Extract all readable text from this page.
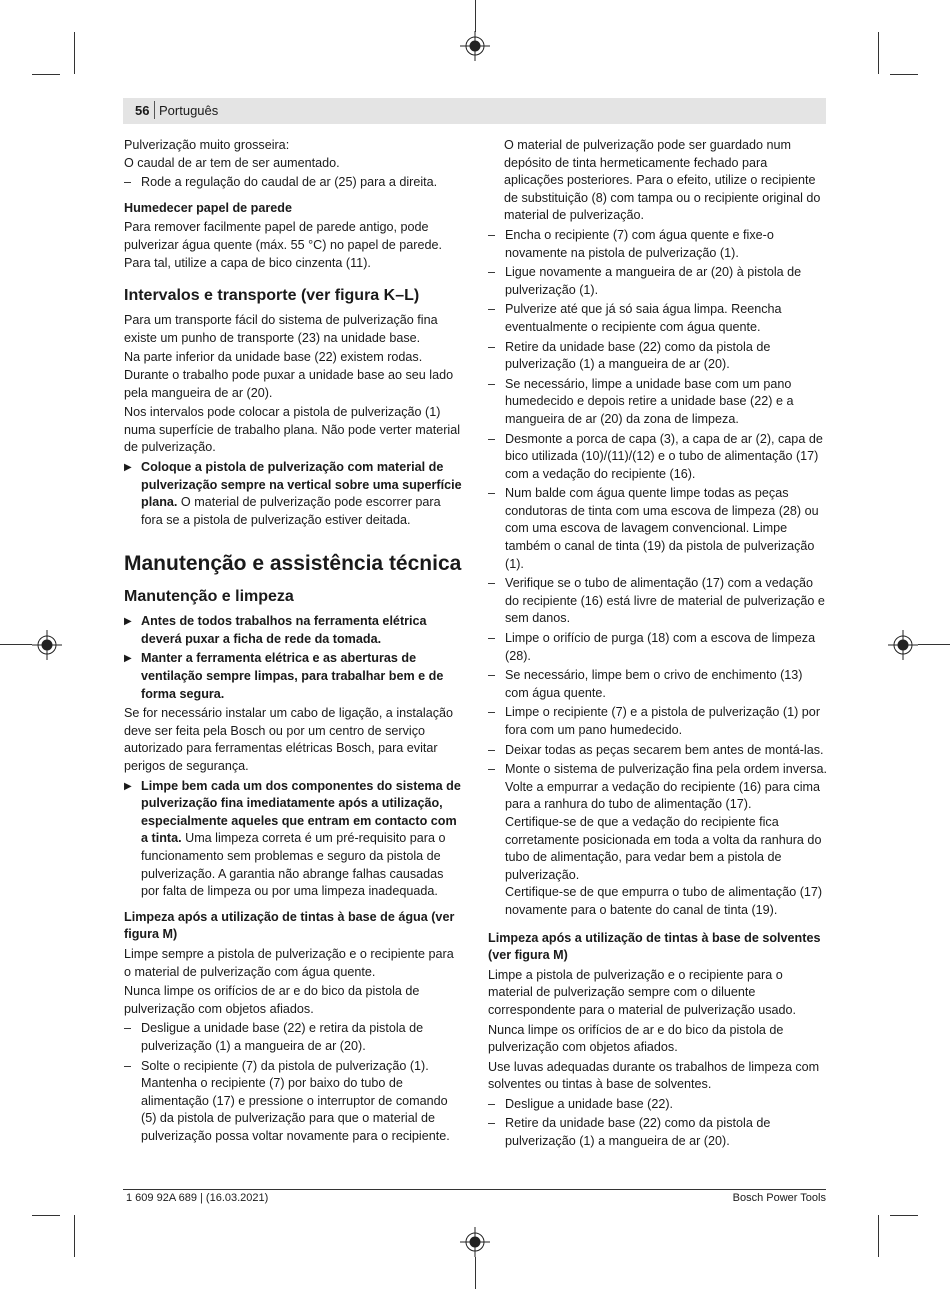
56 Português

Pulverização muito grosseira:

O caudal de ar tem de ser aumentado.

– Rode a regulação do caudal de ar (25) para a direita.

Humedecer papel de parede

Para remover facilmente papel de parede antigo, pode pulverizar água quente (máx. 55 °C) no papel de parede. Para tal, utilize a capa de bico cinzenta (11).

Intervalos e transporte (ver figura K–L)

Para um transporte fácil do sistema de pulverização fina existe um punho de transporte (23) na unidade base.

Na parte inferior da unidade base (22) existem rodas. Durante o trabalho pode puxar a unidade base ao seu lado pela mangueira de ar (20).

Nos intervalos pode colocar a pistola de pulverização (1) numa superfície de trabalho plana. Não pode verter material de pulverização.

▶ Coloque a pistola de pulverização com material de pulverização sempre na vertical sobre uma superfície plana. O material de pulverização pode escorrer para fora se a pistola de pulverização estiver deitada.

Manutenção e assistência técnica
Manutenção e limpeza

▶ Antes de todos trabalhos na ferramenta elétrica deverá puxar a ficha de rede da tomada.

▶ Manter a ferramenta elétrica e as aberturas de ventilação sempre limpas, para trabalhar bem e de forma segura.

Se for necessário instalar um cabo de ligação, a instalação deve ser feita pela Bosch ou por um centro de serviço autorizado para ferramentas elétricas Bosch, para evitar perigos de segurança.

▶ Limpe bem cada um dos componentes do sistema de pulverização fina imediatamente após a utilização, especialmente aqueles que entram em contacto com a tinta. Uma limpeza correta é um pré-requisito para o funcionamento sem problemas e seguro da pistola de pulverização. A garantia não abrange falhas causadas por falta de limpeza ou por uma limpeza inadequada.

Limpeza após a utilização de tintas à base de água (ver figura M)

Limpe sempre a pistola de pulverização e o recipiente para o material de pulverização com água quente.

Nunca limpe os orifícios de ar e do bico da pistola de pulverização com objetos afiados.

– Desligue a unidade base (22) e retira da pistola de pulverização (1) a mangueira de ar (20).

– Solte o recipiente (7) da pistola de pulverização (1). Mantenha o recipiente (7) por baixo do tubo de alimentação (17) e pressione o interruptor de comando (5) da pistola de pulverização para que o material de pulverização possa voltar novamente para o recipiente.

O material de pulverização pode ser guardado num depósito de tinta hermeticamente fechado para aplicações posteriores. Para o efeito, utilize o recipiente de substituição (8) com tampa ou o recipiente original do material de pulverização.

– Encha o recipiente (7) com água quente e fixe-o novamente na pistola de pulverização (1).

– Ligue novamente a mangueira de ar (20) à pistola de pulverização (1).

– Pulverize até que já só saia água limpa. Reencha eventualmente o recipiente com água quente.

– Retire da unidade base (22) como da pistola de pulverização (1) a mangueira de ar (20).

– Se necessário, limpe a unidade base com um pano humedecido e depois retire a unidade base (22) e a mangueira de ar (20) da zona de limpeza.

– Desmonte a porca de capa (3), a capa de ar (2), capa de bico utilizada (10)/(11)/(12) e o tubo de alimentação (17) com a vedação do recipiente (16).

– Num balde com água quente limpe todas as peças condutoras de tinta com uma escova de limpeza (28) ou com uma escova de lavagem convencional. Limpe também o canal de tinta (19) da pistola de pulverização (1).

– Verifique se o tubo de alimentação (17) com a vedação do recipiente (16) está livre de material de pulverização e sem danos.

– Limpe o orifício de purga (18) com a escova de limpeza (28).

– Se necessário, limpe bem o crivo de enchimento (13) com água quente.

– Limpe o recipiente (7) e a pistola de pulverização (1) por fora com um pano humedecido.

– Deixar todas as peças secarem bem antes de montá-las.

– Monte o sistema de pulverização fina pela ordem inversa. Volte a empurrar a vedação do recipiente (16) para cima para a ranhura do tubo de alimentação (17).
Certifique-se de que a vedação do recipiente fica corretamente posicionada em toda a volta da ranhura do tubo de alimentação, para vedar bem a pistola de pulverização.
Certifique-se de que empurra o tubo de alimentação (17) novamente para o batente do canal de tinta (19).
Limpeza após a utilização de tintas à base de solventes (ver figura M)

Limpe a pistola de pulverização e o recipiente para o material de pulverização sempre com o diluente correspondente para o material de pulverização usado.

Nunca limpe os orifícios de ar e do bico da pistola de pulverização com objetos afiados.

Use luvas adequadas durante os trabalhos de limpeza com solventes ou tintas à base de solventes.

– Desligue a unidade base (22).

– Retire da unidade base (22) como da pistola de pulverização (1) a mangueira de ar (20).

1 609 92A 689 | (16.03.2021)	Bosch Power Tools
